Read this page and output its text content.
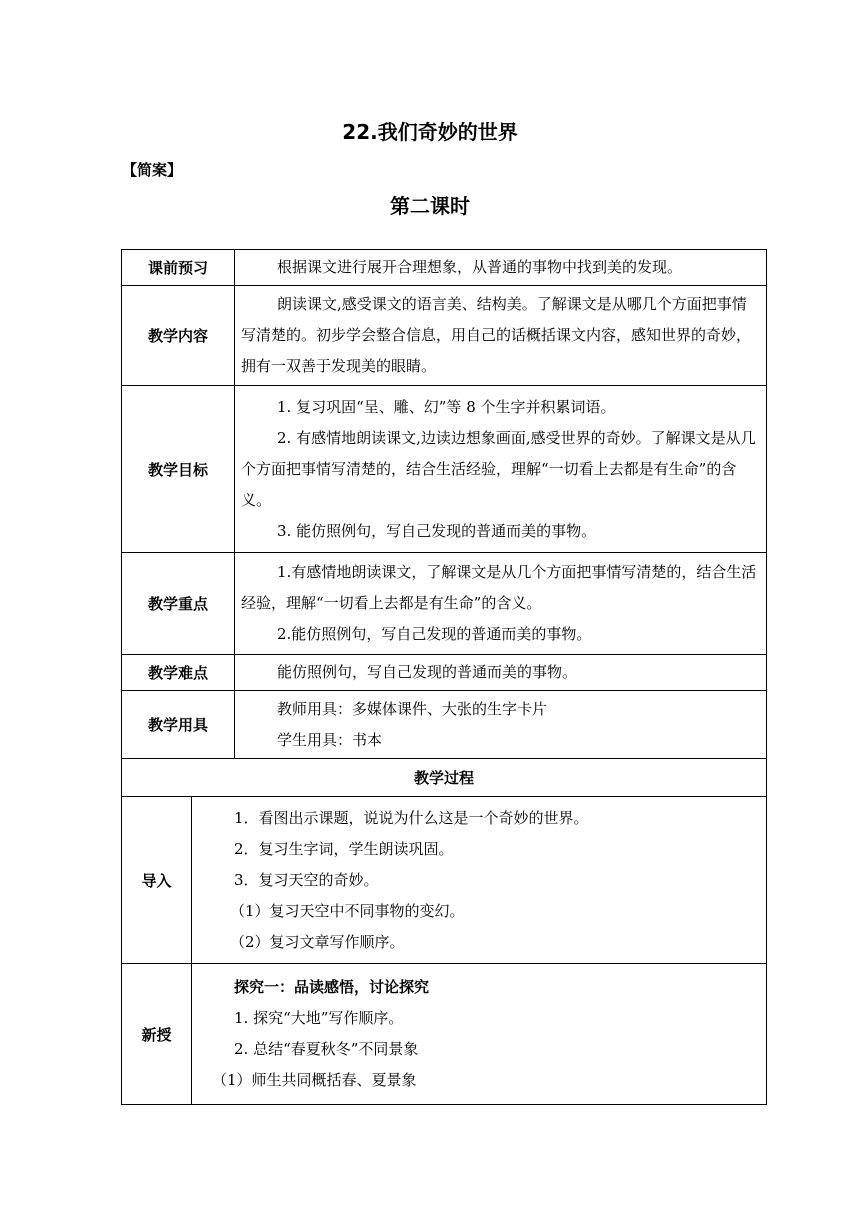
22.我们奇妙的世界
【简案】
第二课时
课前预习		根据课文进行展开合理想象，从普通的事物中找到美的发现。

教学内容		朗读课文,感受课文的语言美、结构美。了解课文是从哪几个方面把事情写清楚的。初步学会整合信息，用自己的话概括课文内容，感知世界的奇妙，拥有一双善于发现美的眼睛。

教学目标		1. 复习巩固“呈、雕、幻”等 8 个生字并积累词语。

2. 有感情地朗读课文,边读边想象画面,感受世界的奇妙。了解课文是从几个方面把事情写清楚的，结合生活经验，理解“一切看上去都是有生命”的含义。

3. 能仿照例句，写自己发现的普通而美的事物。

教学重点		1.有感情地朗读课文，了解课文是从几个方面把事情写清楚的，结合生活经验，理解“一切看上去都是有生命”的含义。

2.能仿照例句，写自己发现的普通而美的事物。

教学难点		能仿照例句，写自己发现的普通而美的事物。

教学用具		教师用具：多媒体课件、大张的生字卡片

学生用具：书本

教学过程		
导入	1．看图出示课题，说说为什么这是一个奇妙的世界。

2．复习生字词，学生朗读巩固。

3．复习天空的奇妙。

（1）复习天空中不同事物的变幻。

（2）复习文章写作顺序。	

新授	探究一：品读感悟，讨论探究

1. 探究“大地”写作顺序。

2. 总结“春夏秋冬”不同景象

（1）师生共同概括春、夏景象	
